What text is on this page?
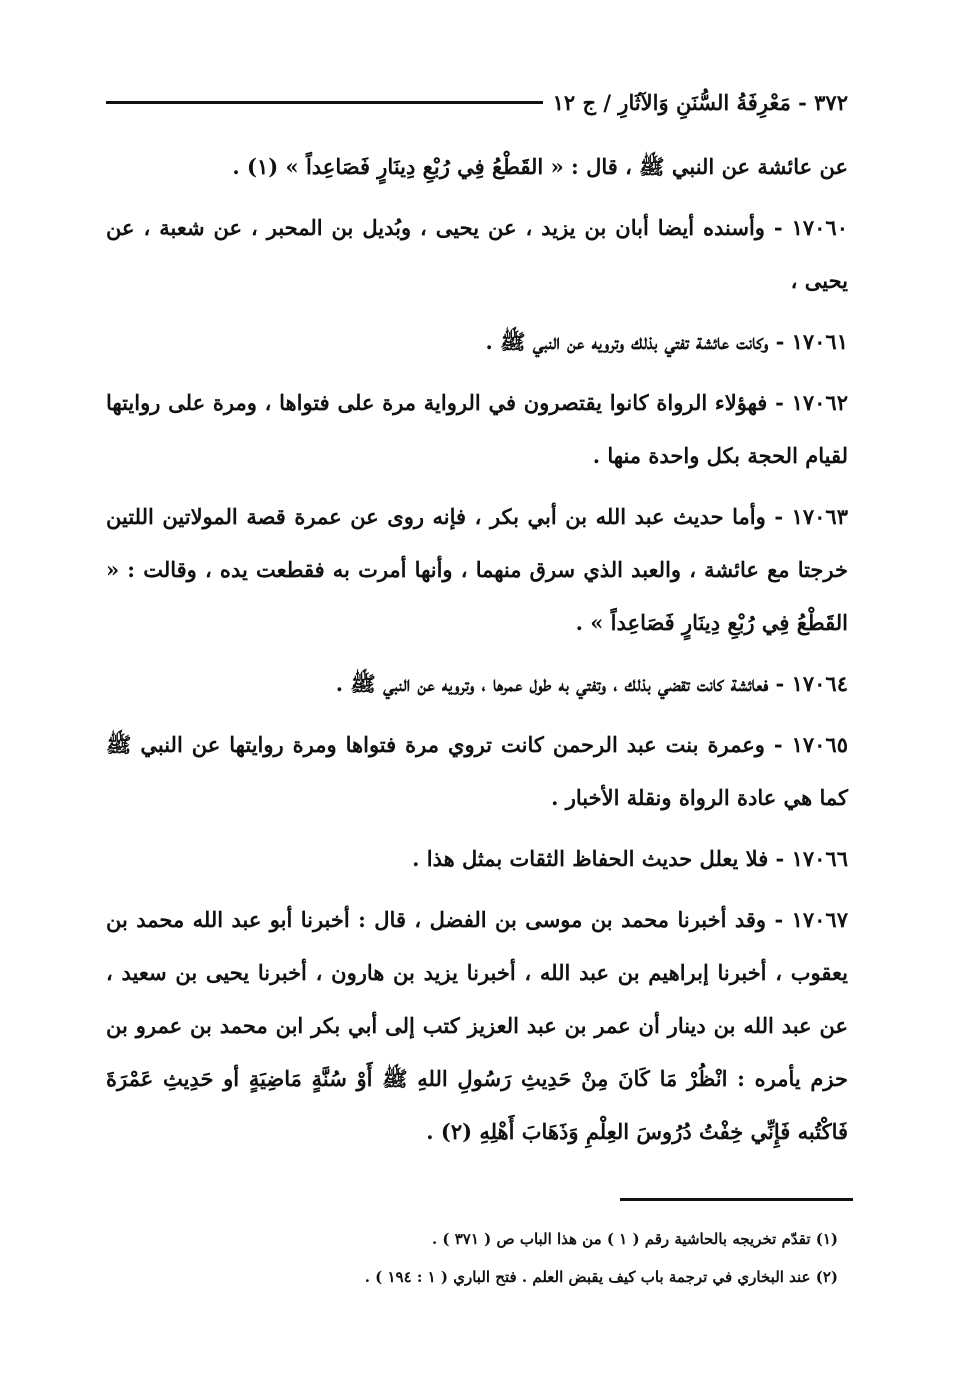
٣٧٢ - مَعْرِفَةُ السُّنَنِ وَالآثَارِ / ج ١٢

عن عائشة عن النبي ﷺ ، قال : « القَطْعُ فِي رُبْعِ دِينَارٍ فَصَاعِداً » (١) .

١٧٠٦٠ - وأسنده أيضا أبان بن يزيد ، عن يحيى ، وبُديل بن المحبر ، عن شعبة ، عن يحيى ،

١٧٠٦١ - وكانت عائشة تفتي بذلك وترويه عن النبي ﷺ .

١٧٠٦٢ - فهؤلاء الرواة كانوا يقتصرون في الرواية مرة على فتواها ، ومرة على روايتها لقيام الحجة بكل واحدة منها .

١٧٠٦٣ - وأما حديث عبد الله بن أبي بكر ، فإنه روى عن عمرة قصة المولاتين اللتين خرجتا مع عائشة ، والعبد الذي سرق منهما ، وأنها أمرت به فقطعت يده ، وقالت : « القَطْعُ فِي رُبْعِ دِينَارٍ فَصَاعِداً » .

١٧٠٦٤ - فعائشة كانت تقضي بذلك ، وتفتي به طول عمرها ، وترويه عن النبي ﷺ .

١٧٠٦٥ - وعمرة بنت عبد الرحمن كانت تروي مرة فتواها ومرة روايتها عن النبي ﷺ كما هي عادة الرواة ونقلة الأخبار .

١٧٠٦٦ - فلا يعلل حديث الحفاظ الثقات بمثل هذا .

١٧٠٦٧ - وقد أخبرنا محمد بن موسى بن الفضل ، قال : أخبرنا أبو عبد الله محمد بن يعقوب ، أخبرنا إبراهيم بن عبد الله ، أخبرنا يزيد بن هارون ، أخبرنا يحيى بن سعيد ، عن عبد الله بن دينار أن عمر بن عبد العزيز كتب إلى أبي بكر ابن محمد بن عمرو بن حزم يأمره : انْظُرْ مَا كَانَ مِنْ حَدِيثِ رَسُولِ اللهِ ﷺ أَوْ سُنَّةٍ مَاضِيَةٍ أو حَدِيثِ عَمْرَةَ فَاكْتُبه فَإِنِّي خِفْتُ دُرُوسَ العِلْمِ وَذَهَابَ أَهْلِهِ (٢) .

(١) تقدّم تخريجه بالحاشية رقم ( ١ ) من هذا الباب ص ( ٣٧١ ) .

(٢) عند البخاري في ترجمة باب كيف يقبض العلم . فتح الباري ( ١ : ١٩٤ ) .
